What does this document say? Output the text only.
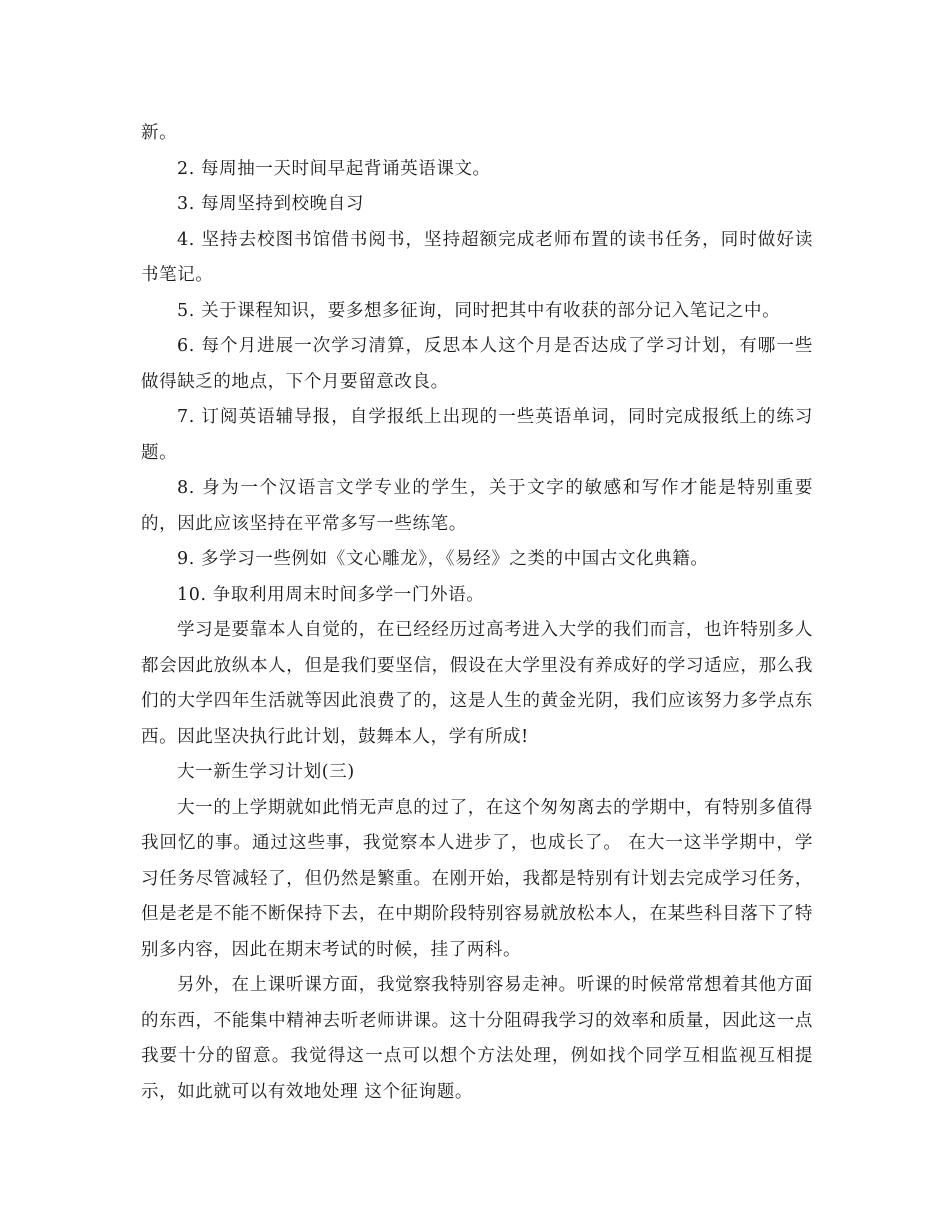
新。

2. 每周抽一天时间早起背诵英语课文。

3. 每周坚持到校晚自习

4. 坚持去校图书馆借书阅书，坚持超额完成老师布置的读书任务，同时做好读书笔记。

5. 关于课程知识，要多想多征询，同时把其中有收获的部分记入笔记之中。

6. 每个月进展一次学习清算，反思本人这个月是否达成了学习计划，有哪一些做得缺乏的地点，下个月要留意改良。

7. 订阅英语辅导报，自学报纸上出现的一些英语单词，同时完成报纸上的练习题。

8. 身为一个汉语言文学专业的学生，关于文字的敏感和写作才能是特别重要的，因此应该坚持在平常多写一些练笔。

9. 多学习一些例如《文心雕龙》，《易经》之类的中国古文化典籍。

10. 争取利用周末时间多学一门外语。

学习是要靠本人自觉的，在已经经历过高考进入大学的我们而言，也许特别多人都会因此放纵本人，但是我们要坚信，假设在大学里没有养成好的学习适应，那么我们的大学四年生活就等因此浪费了的，这是人生的黄金光阴，我们应该努力多学点东西。因此坚决执行此计划，鼓舞本人，学有所成!

大一新生学习计划(三)

大一的上学期就如此悄无声息的过了，在这个匆匆离去的学期中，有特别多值得我回忆的事。通过这些事，我觉察本人进步了，也成长了。 在大一这半学期中，学习任务尽管减轻了，但仍然是繁重。在刚开始，我都是特别有计划去完成学习任务，但是老是不能不断保持下去，在中期阶段特别容易就放松本人，在某些科目落下了特别多内容，因此在期末考试的时候，挂了两科。

另外，在上课听课方面，我觉察我特别容易走神。听课的时候常常想着其他方面的东西，不能集中精神去听老师讲课。这十分阻碍我学习的效率和质量，因此这一点我要十分的留意。我觉得这一点可以想个方法处理，例如找个同学互相监视互相提示，如此就可以有效地处理 这个征询题。
